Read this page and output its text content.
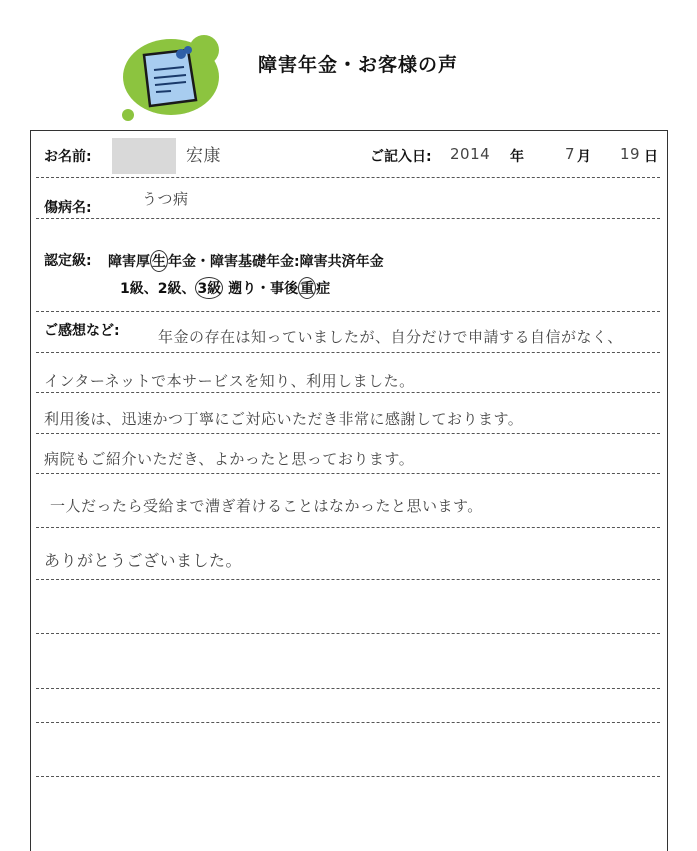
障害年金・お客様の声
お名前:	宏康	ご記入日: 2014 年	7 月 19 日
傷病名:	うつ病
認定級: 障害厚 生 年金・障害基礎年金:障害共済年金
1級、2級、 3級 遡り・事後 重 症
ご感想など:	年金の存在は知っていましたが、自分だけで申請する自信がなく、
インターネットで本サービスを知り、利用しました。
利用後は、迅速かつ丁寧にご対応いただき非常に感謝しております。
病院もご紹介いただき、よかったと思っております。
一人だったら受給まで漕ぎ着けることはなかったと思います。
ありがとうございました。
